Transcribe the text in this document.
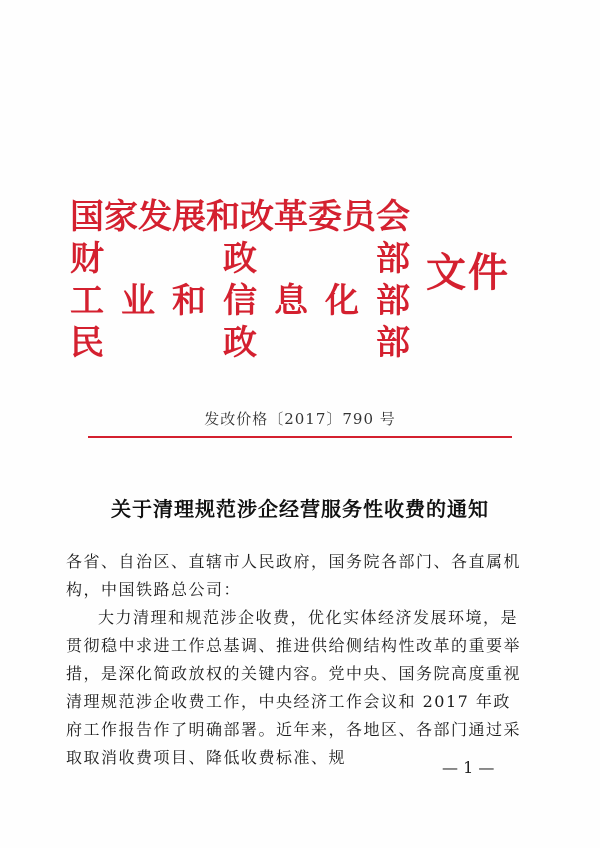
国 家 发 展 和 改 革 委 员 会
财	政	部
工 业 和 信 息 化 部
民	政	部
文件
发改价格〔2017〕790 号
关于清理规范涉企经营服务性收费的通知

各省、自治区、直辖市人民政府，国务院各部门、各直属机构，中国铁路总公司：

大力清理和规范涉企收费，优化实体经济发展环境，是贯彻稳中求进工作总基调、推进供给侧结构性改革的重要举措，是深化简政放权的关键内容。党中央、国务院高度重视清理规范涉企收费工作，中央经济工作会议和 2017 年政府工作报告作了明确部署。近年来，各地区、各部门通过采取取消收费项目、降低收费标准、规

— 1 —
